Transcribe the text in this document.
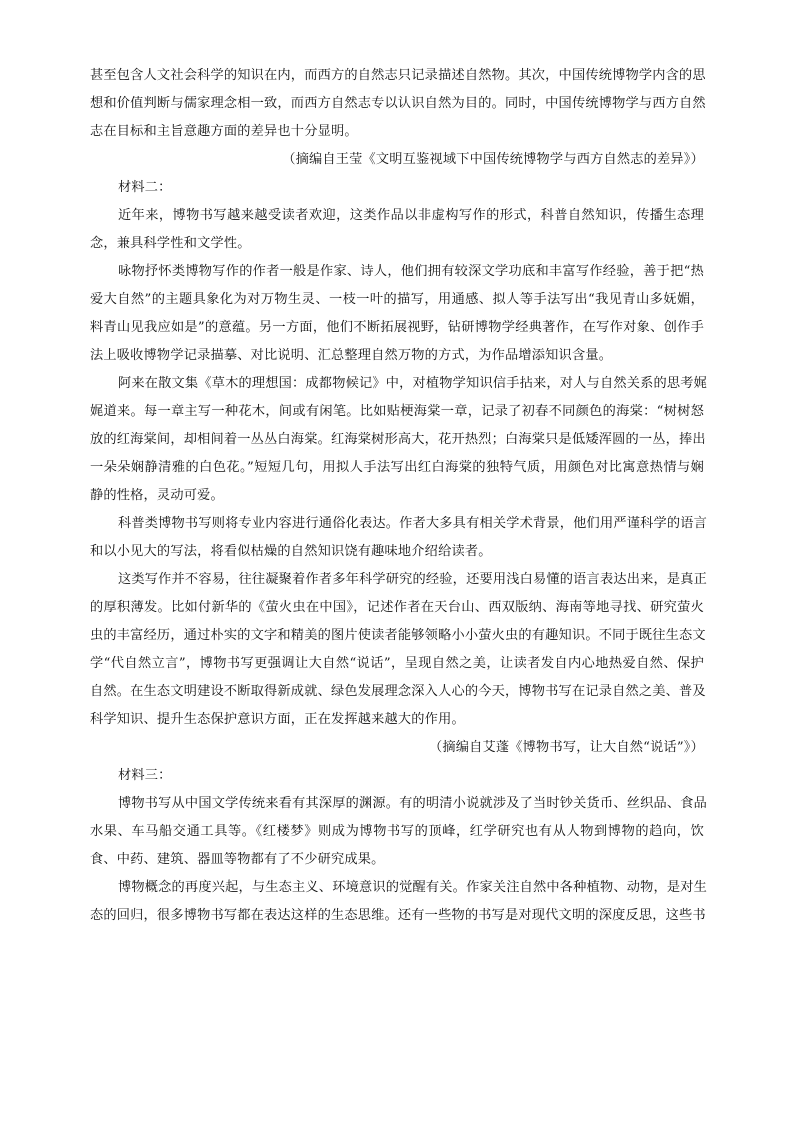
甚至包含人文社会科学的知识在内，而西方的自然志只记录描述自然物。其次，中国传统博物学内含的思
想和价值判断与儒家理念相一致，而西方自然志专以认识自然为目的。同时，中国传统博物学与西方自然
志在目标和主旨意趣方面的差异也十分显明。
（摘编自王莹《文明互鉴视域下中国传统博物学与西方自然志的差异》）
材料二：
近年来，博物书写越来越受读者欢迎，这类作品以非虚构写作的形式，科普自然知识，传播生态理
念，兼具科学性和文学性。
咏物抒怀类博物写作的作者一般是作家、诗人，他们拥有较深文学功底和丰富写作经验，善于把“热
爱大自然”的主题具象化为对万物生灵、一枝一叶的描写，用通感、拟人等手法写出“我见青山多妩媚，
料青山见我应如是”的意蕴。另一方面，他们不断拓展视野，钻研博物学经典著作，在写作对象、创作手
法上吸收博物学记录描摹、对比说明、汇总整理自然万物的方式，为作品增添知识含量。
阿来在散文集《草木的理想国：成都物候记》中，对植物学知识信手拈来，对人与自然关系的思考娓
娓道来。每一章主写一种花木，间或有闲笔。比如贴梗海棠一章，记录了初春不同颜色的海棠：“树树怒
放的红海棠间，却相间着一丛丛白海棠。红海棠树形高大，花开热烈；白海棠只是低矮浑圆的一丛，捧出
一朵朵娴静清雅的白色花。”短短几句，用拟人手法写出红白海棠的独特气质，用颜色对比寓意热情与娴
静的性格，灵动可爱。
科普类博物书写则将专业内容进行通俗化表达。作者大多具有相关学术背景，他们用严谨科学的语言
和以小见大的写法，将看似枯燥的自然知识饶有趣味地介绍给读者。
这类写作并不容易，往往凝聚着作者多年科学研究的经验，还要用浅白易懂的语言表达出来，是真正
的厚积薄发。比如付新华的《萤火虫在中国》，记述作者在天台山、西双版纳、海南等地寻找、研究萤火
虫的丰富经历，通过朴实的文字和精美的图片使读者能够领略小小萤火虫的有趣知识。不同于既往生态文
学“代自然立言”，博物书写更强调让大自然“说话”，呈现自然之美，让读者发自内心地热爱自然、保护
自然。在生态文明建设不断取得新成就、绿色发展理念深入人心的今天，博物书写在记录自然之美、普及
科学知识、提升生态保护意识方面，正在发挥越来越大的作用。
（摘编自艾蓬《博物书写，让大自然“说话”》）
材料三：
博物书写从中国文学传统来看有其深厚的渊源。有的明清小说就涉及了当时钞关货币、丝织品、食品
水果、车马船交通工具等。《红楼梦》则成为博物书写的顶峰，红学研究也有从人物到博物的趋向，饮
食、中药、建筑、器皿等物都有了不少研究成果。
博物概念的再度兴起，与生态主义、环境意识的觉醒有关。作家关注自然中各种植物、动物，是对生
态的回归，很多博物书写都在表达这样的生态思维。还有一些物的书写是对现代文明的深度反思，这些书
